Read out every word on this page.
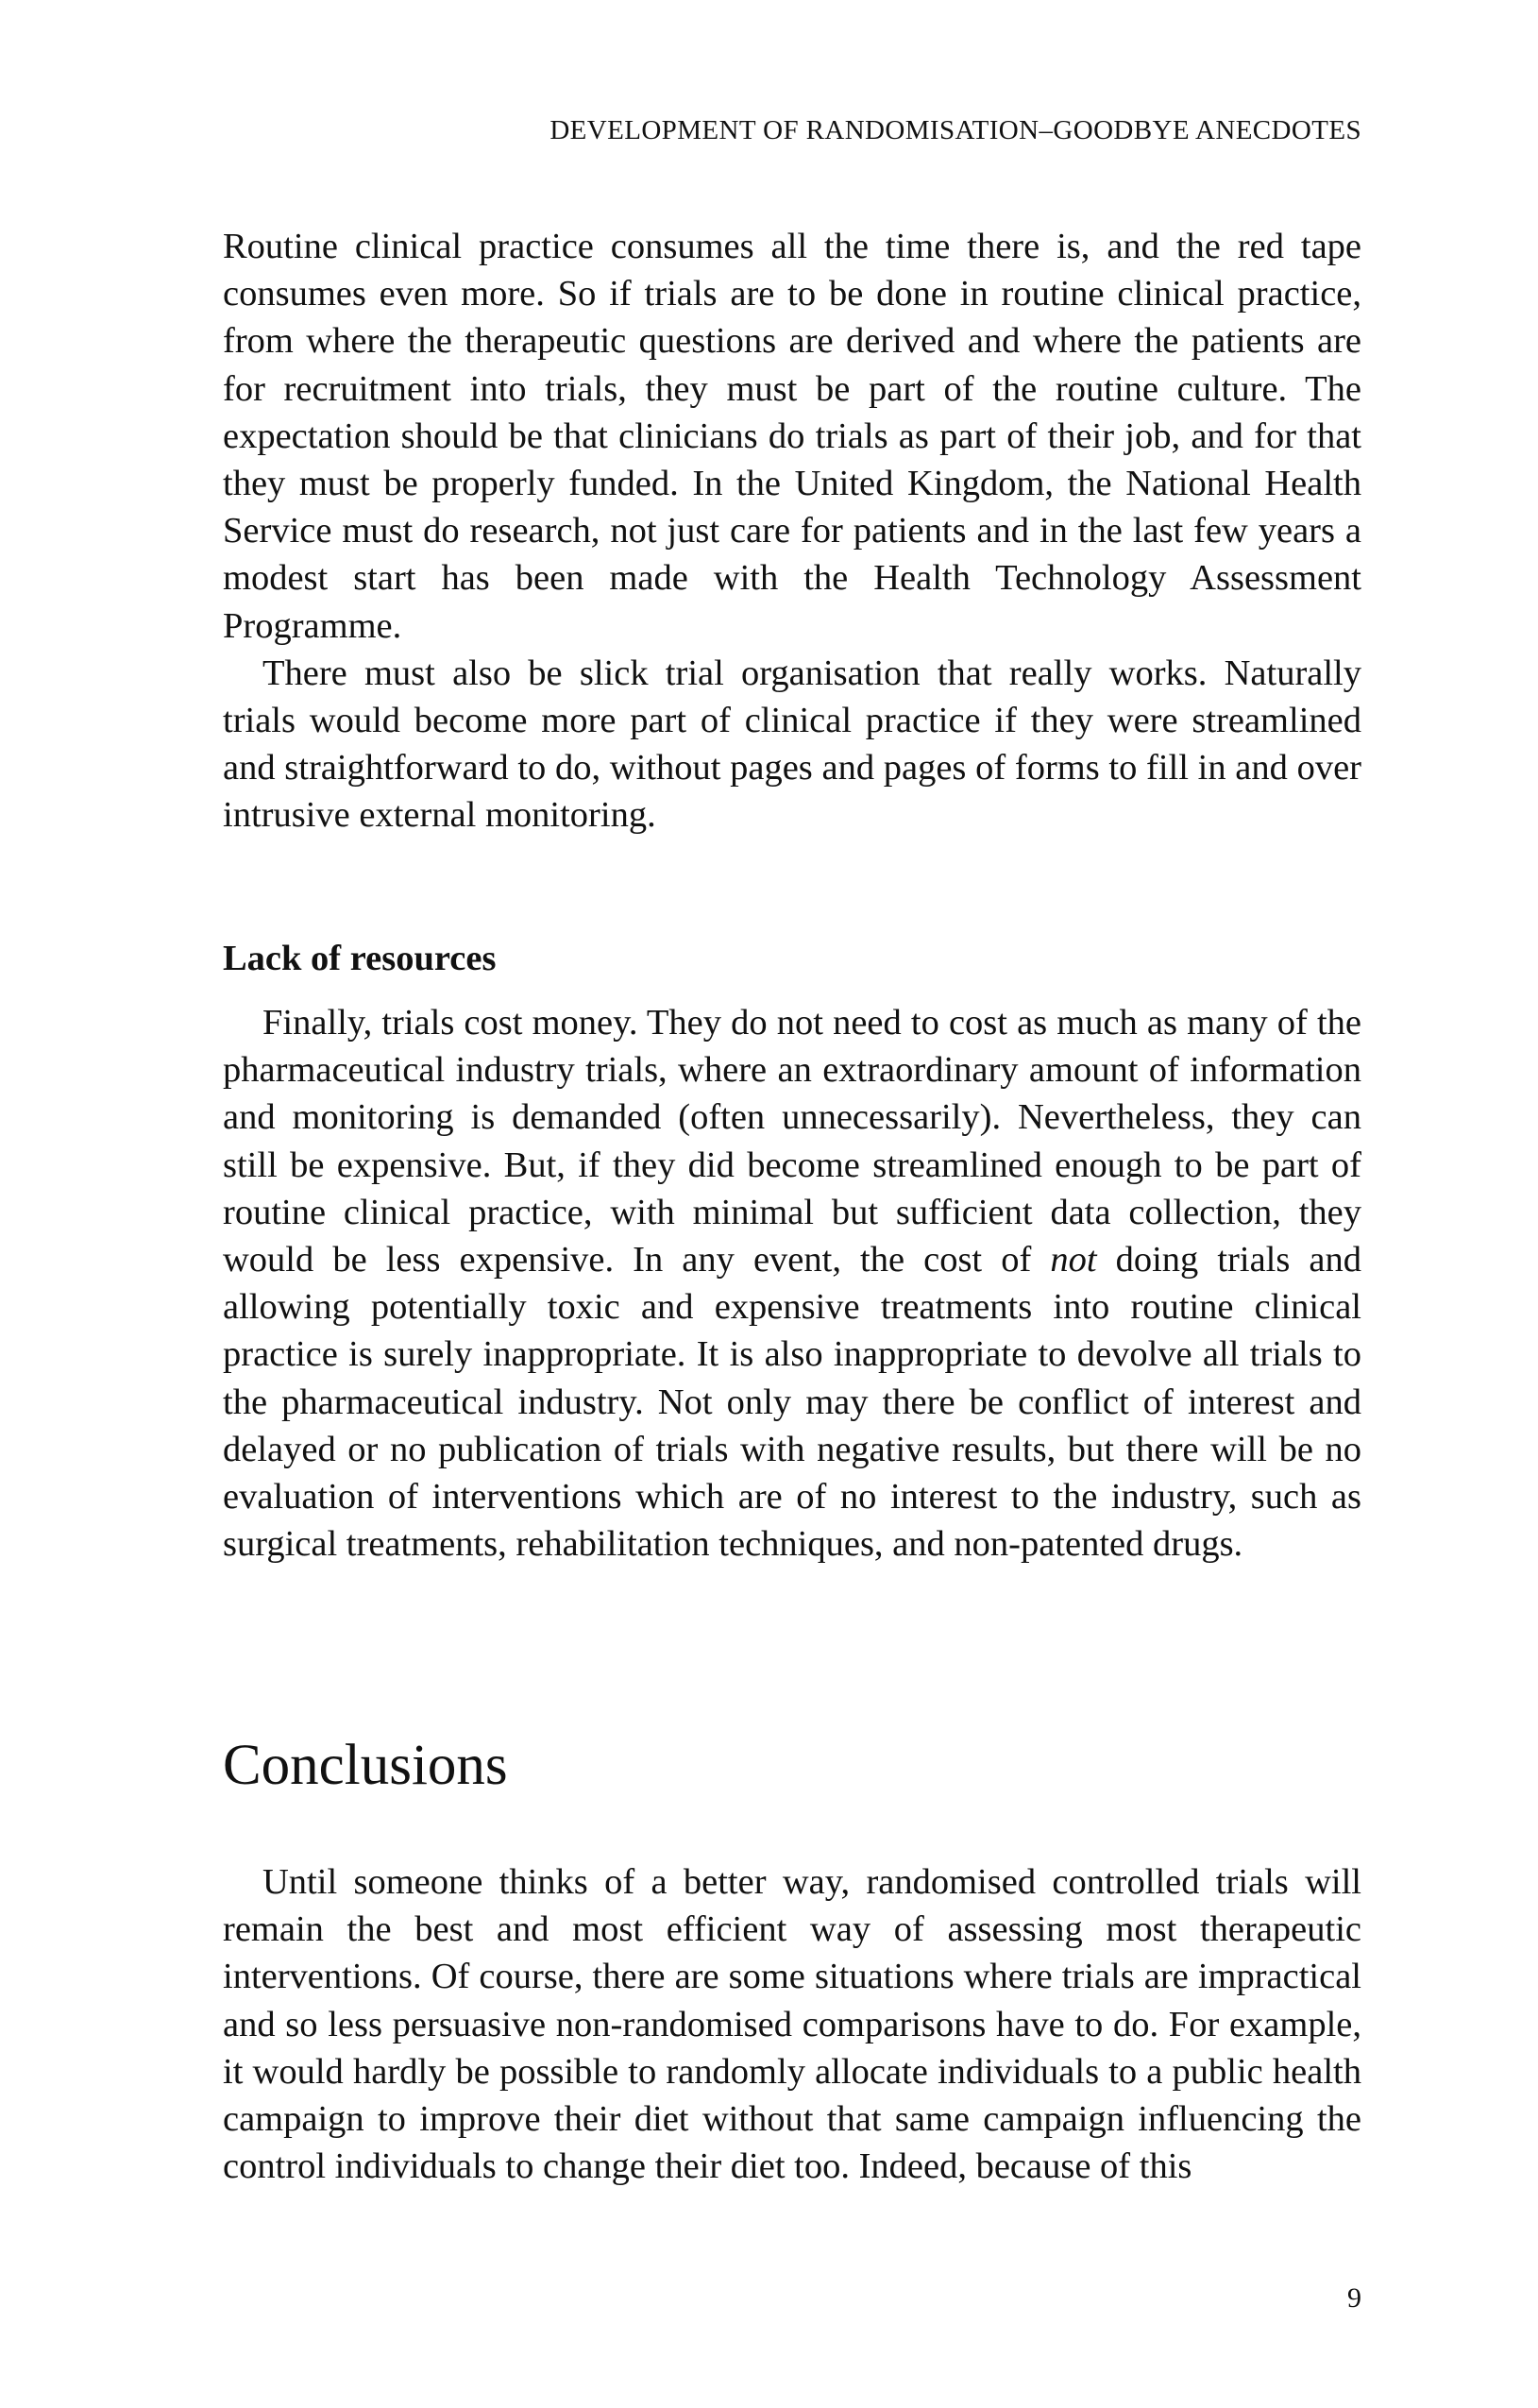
DEVELOPMENT OF RANDOMISATION–GOODBYE ANECDOTES

Routine clinical practice consumes all the time there is, and the red tape consumes even more. So if trials are to be done in routine clinical practice, from where the therapeutic questions are derived and where the patients are for recruitment into trials, they must be part of the routine culture. The expectation should be that clinicians do trials as part of their job, and for that they must be properly funded. In the United Kingdom, the National Health Service must do research, not just care for patients and in the last few years a modest start has been made with the Health Technology Assessment Programme.

There must also be slick trial organisation that really works. Naturally trials would become more part of clinical practice if they were streamlined and straightforward to do, without pages and pages of forms to fill in and over intrusive external monitoring.

Lack of resources

Finally, trials cost money. They do not need to cost as much as many of the pharmaceutical industry trials, where an extraordinary amount of information and monitoring is demanded (often unnecessarily). Nevertheless, they can still be expensive. But, if they did become streamlined enough to be part of routine clinical practice, with minimal but sufficient data collection, they would be less expensive. In any event, the cost of not doing trials and allowing potentially toxic and expensive treatments into routine clinical practice is surely inappropriate. It is also inappropriate to devolve all trials to the pharmaceutical industry. Not only may there be conflict of interest and delayed or no publication of trials with negative results, but there will be no evaluation of interventions which are of no interest to the industry, such as surgical treatments, rehabilitation techniques, and non-patented drugs.

Conclusions

Until someone thinks of a better way, randomised controlled trials will remain the best and most efficient way of assessing most therapeutic interventions. Of course, there are some situations where trials are impractical and so less persuasive non-randomised comparisons have to do. For example, it would hardly be possible to randomly allocate individuals to a public health campaign to improve their diet without that same campaign influencing the control individuals to change their diet too. Indeed, because of this

9
